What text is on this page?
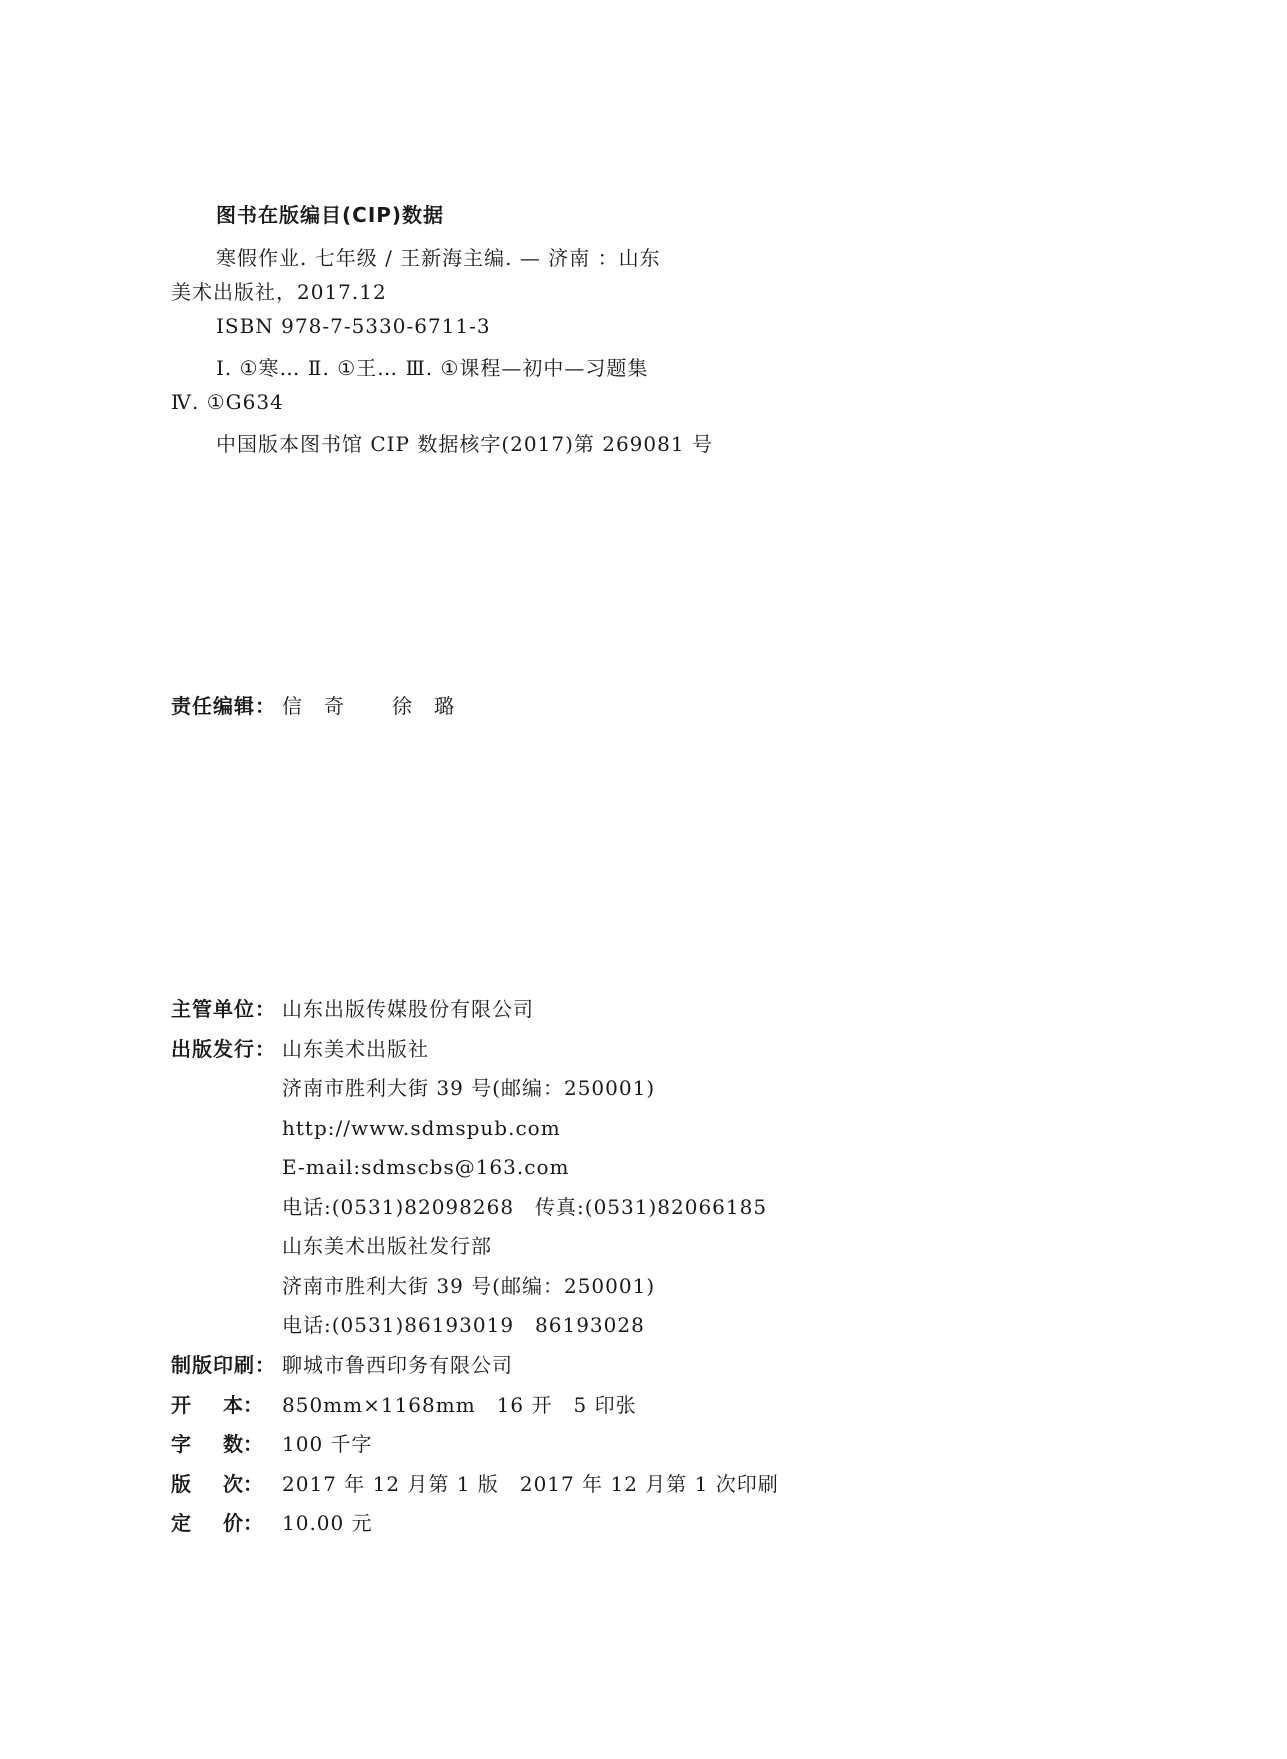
图书在版编目(CIP)数据
寒假作业. 七年级 / 王新海主编. — 济南 ：山东
美术出版社，2017.12
ISBN 978-7-5330-6711-3
Ⅰ. ①寒… Ⅱ. ①王… Ⅲ. ①课程—初中—习题集
Ⅳ. ①G634
中国版本图书馆 CIP 数据核字(2017)第 269081 号
责任编辑： 信　奇 徐　璐
主管单位： 山东出版传媒股份有限公司
出版发行： 山东美术出版社
济南市胜利大街 39 号(邮编：250001)
http://www.sdmspub.com
E-mail:sdmscbs@163.com
电话:(0531)82098268　传真:(0531)82066185
山东美术出版社发行部
济南市胜利大街 39 号(邮编：250001)
电话:(0531)86193019　86193028
制版印刷： 聊城市鲁西印务有限公司
开 本： 850mm×1168mm　16 开　5 印张
字 数： 100 千字
版 次： 2017 年 12 月第 1 版　2017 年 12 月第 1 次印刷
定 价： 10.00 元
